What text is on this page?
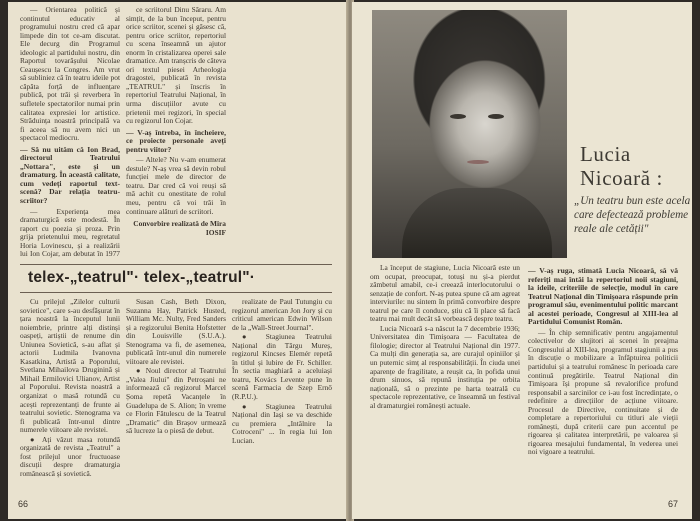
— Orientarea politică și continutul educativ al programului nostru cred că apar limpede din tot ce-am discutat. Ele decurg din Programul ideologic al partidului nostru, din Raportul tovarășului Nicolae Ceaușescu la Congres. Am vrut să subliniez că în teatru ideile pot căpăta forță de influențare publică, pot trăi și reverbera în sufletele spectatorilor numai prin calitatea expresiei lor artistice. Străduința noastră principală va fi aceea să nu avem nici un spectacol mediocru.

— Să nu uităm că Ion Brad, directorul Teatrului „Nottara", este și un dramaturg. În această calitate, cum vedeți raportul text-scenă? Dar relația teatru-scriitor?

— Experiența mea dramaturgică este modestă. În raport cu poezia și proza. Prin grija prietenului meu, regretatul Horia Lovinescu, și a realizării lui Ion Cojar, am debutat în 1977

ce scriitorul Dinu Săraru. Am simțit, de la bun început, pentru orice scriitor, scenei și găsesc că, pentru orice scriitor, repertoriul cu scena înseamnă un ajutor enorm în cristalizarea operei sale dramatice. Am tranșcris de câteva ori textul piesei Arheologia dragostei, publicată în revista „TEATRUL" și înscris în repertoriul Teatrului Național, în urma discuțiilor avute cu prietenii mei regizori, în special cu regizorul Ion Cojar.

— V-aș întreba, în încheiere, ce proiecte personale aveți pentru viitor?

— Altele? Nu v-am enumerat destule? N-aș vrea să devin robul funcției mele de director de teatru. Dar cred că voi reuși să mă achit cu onestitate de rolul meu, pentru că voi trăi în continuare alături de scriitori.

Convorbire realizată de Mira IOSIF

telex-„teatrul"· telex-„teatrul"·

Cu prilejul „Zilelor culturii sovietice", care s-au desfășurat în țara noastră la începutul lunii noiembrie, printre alți distinși oaspeți, artiștii de renume din Uniunea Sovietică, s-au aflat și actorii Ludmila Ivanovna Kasatkina, Artistă a Poporului, Svetlana Mihailova Druginină și Mihail Ermilovici Ulianov, Artist al Poporului. Revista noastră a organizat o masă rotundă cu acești reprezentanți de frunte ai teatrului sovietic. Stenograma va fi publicată într-unul dintre numerele viitoare ale revistei.

● Ați văzut masa rotundă organizată de revista „Teatrul" a fost prilejul unor fructuoase discuții despre dramaturgia românească și sovietică.

Susan Cash, Beth Dixon, Suzanna Hay, Patrick Husted, William Mc. Nulty, Fred Sanders și a regizorului Benita Hofstetter din Louisville (S.U.A.). Stenograma va fi, de asemenea, publicată într-unul din numerele viitoare ale revistei.

● Noul director al Teatrului „Valea Jiului" din Petroșani ne informează că regizorul Marcel Șoma repetă Vacanțele în Guadelupa de S. Alion; în vreme ce Florin Fătulescu de la Teatrul „Dramatic" din Brașov urmează să lucreze la o piesă de debut.

realizate de Paul Tutungiu cu regizorul american Jon Jory și cu criticul american Edwin Wilson de la „Wall-Street Journal".

● Stagiunea Teatrului Național din Târgu Mureș, regizorul Kincses Elemér repetă în titlul și lubire de Fr. Schiller. În sectia maghiară a aceluiași teatru, Kovács Levente pune în scenă Farmacia de Szep Ernő (R.P.U.).

● Stagiunea Teatrului Național din Iași se va deschide cu premiera „Intâlnire la Cotroceni" ... în regia lui Ion Lucian.

66
Lucia
Nicoară :
„Un teatru bun este acela care defectează probleme reale ale cetății"

La început de stagiune, Lucia Nicoară este un om ocupat, preocupat, totuși nu și-a pierdut zâmbetul amabil, ce-i creează interlocutorului o senzație de confort. N-aș putea spune că am agreat interviurile: nu sintem în primă convorbire despre teatrul pe care îl conduce, știu că îi place să facă teatru mai mult decât să vorbească despre teatru.

Lucia Nicoară s-a născut la 7 decembrie 1936; Universitatea din Timișoara — Facultatea de filologie; director al Teatrului Național din 1977. Ca mulți din generația sa, are curajul opiniilor și un puternic simț al responsabilității. În ciuda unei aparențe de fragilitate, a reușit ca, în pofida unui drum sinuos, să repună instituția pe orbita națională, să o prezinte pe harta teatrală cu spectacole reprezentative, ce înseamnă un festival al dramaturgiei românești actuale.

— V-aș ruga, stimată Lucia Nicoară, să vă referiți mai întâi la repertoriul noii stagiuni, la ideile, criteriile de selecție, modul în care Teatrul Național din Timișoara răspunde prin programul său, evenimentului politic marcant al acestei perioade, Congresul al XIII-lea al Partidului Comunist Român.

— În chip semnificativ pentru angajamentul colectivelor de slujitori ai scenei în preajma Congresului al XIII-lea, programul stagiunii a pus în discuție o mobilizare a înfăptuirea politicii partidului și a teatrului românesc în perioada care continuă pregătirile. Teatrul Național din Timișoara își propune să revalorifice profund responsabil a sarcinilor ce i-au fost încredințate, o redefinire a direcțiilor de acțiune viitoare. Procesul de Directive, continuitate și de completare a repertoriului cu titluri ale vieții românești, după criterii care pun accentul pe rigoarea și calitatea interpretării, pe valoarea și rigoarea mesajului fundamental, în vederea unei noi vigoare a teatrului.

67
